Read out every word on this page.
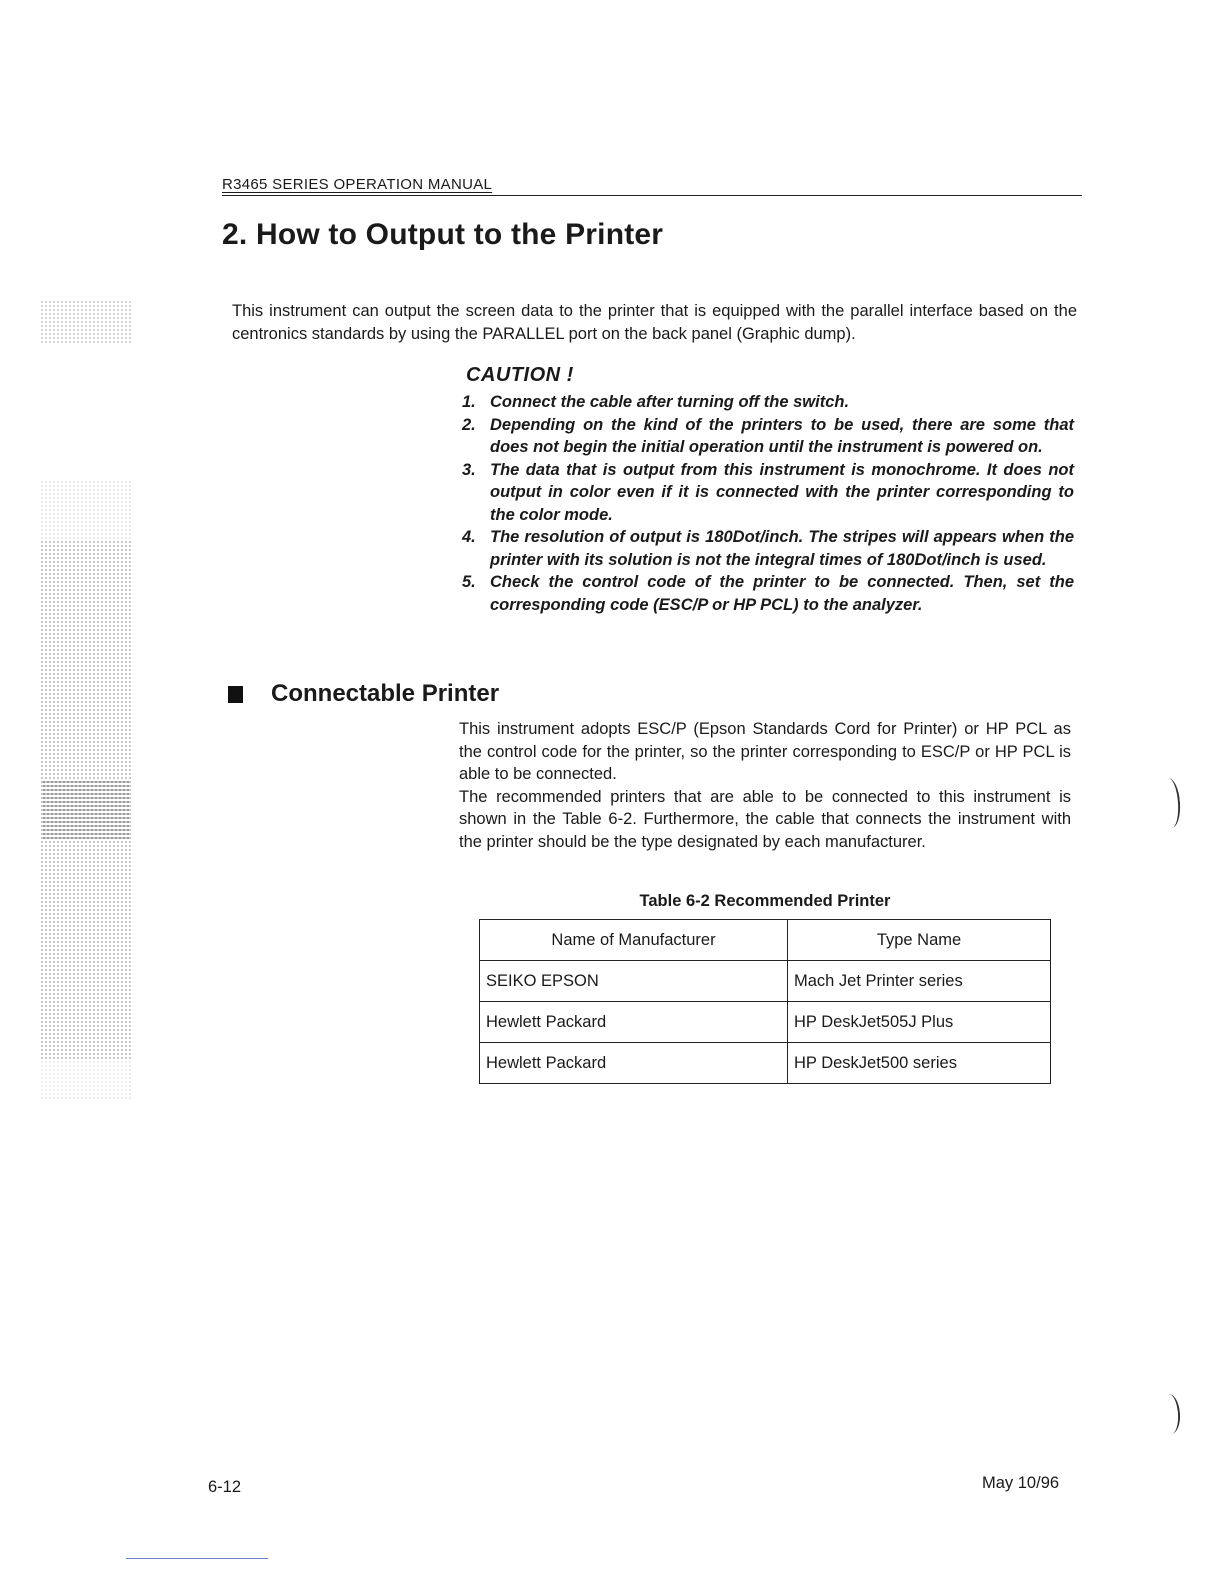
R3465 SERIES OPERATION MANUAL
2. How to Output to the Printer

This instrument can output the screen data to the printer that is equipped with the parallel interface based on the centronics standards by using the PARALLEL port on the back panel (Graphic dump).

CAUTION !
1. Connect the cable after turning off the switch.
2. Depending on the kind of the printers to be used, there are some that does not begin the initial operation until the instrument is powered on.
3. The data that is output from this instrument is monochrome. It does not output in color even if it is connected with the printer corresponding to the color mode.
4. The resolution of output is 180Dot/inch. The stripes will appears when the printer with its solution is not the integral times of 180Dot/inch is used.
5. Check the control code of the printer to be connected. Then, set the corresponding code (ESC/P or HP PCL) to the analyzer.
Connectable Printer
This instrument adopts ESC/P (Epson Standards Cord for Printer) or HP PCL as the control code for the printer, so the printer corresponding to ESC/P or HP PCL is able to be connected.
The recommended printers that are able to be connected to this instrument is shown in the Table 6-2. Furthermore, the cable that connects the instrument with the printer should be the type designated by each manufacturer.

Table 6-2 Recommended Printer

Name of Manufacturer	Type Name
SEIKO EPSON	Mach Jet Printer series
Hewlett Packard	HP DeskJet505J Plus
Hewlett Packard	HP DeskJet500 series
6-12	May 10/96
